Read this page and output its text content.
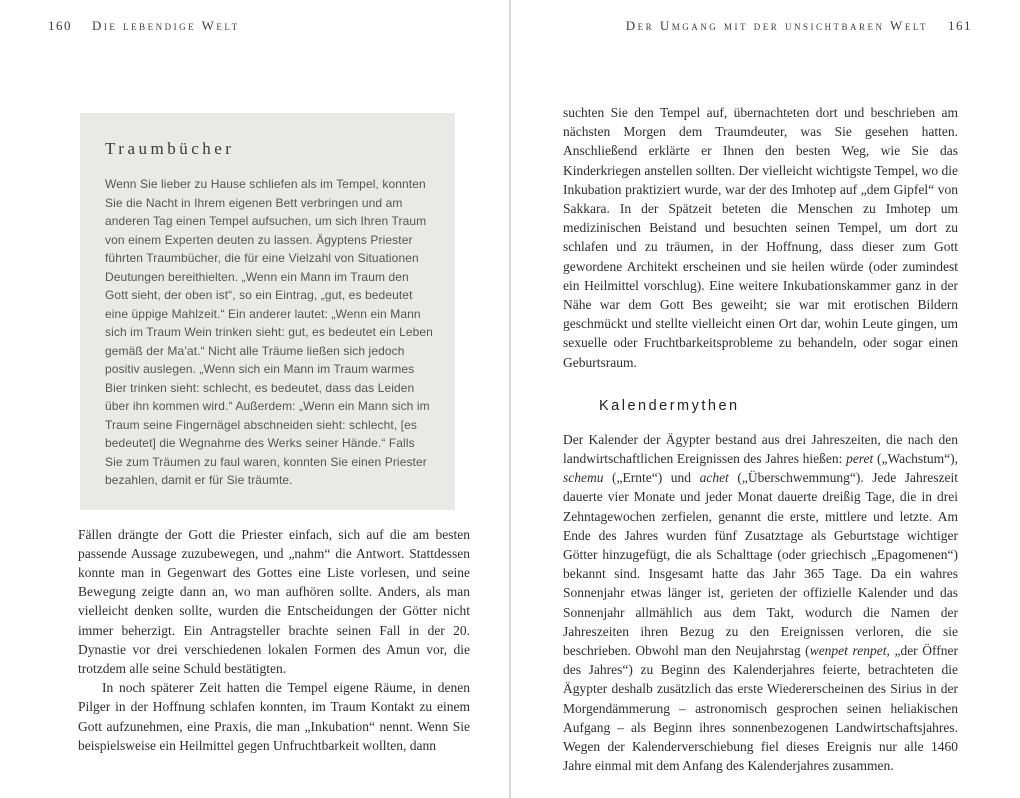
160 Die lebendige Welt
Traumbücher
Wenn Sie lieber zu Hause schliefen als im Tempel, konnten Sie die Nacht in Ihrem eigenen Bett verbringen und am anderen Tag einen Tempel aufsuchen, um sich Ihren Traum von einem Experten deuten zu lassen. Ägyptens Priester führten Traumbücher, die für eine Vielzahl von Situationen Deutungen bereithielten. „Wenn ein Mann im Traum den Gott sieht, der oben ist“, so ein Eintrag, „gut, es bedeutet eine üppige Mahlzeit.“ Ein anderer lautet: „Wenn ein Mann sich im Traum Wein trinken sieht: gut, es bedeutet ein Leben gemäß der Ma’at.“ Nicht alle Träume ließen sich jedoch positiv auslegen. „Wenn sich ein Mann im Traum warmes Bier trinken sieht: schlecht, es bedeutet, dass das Leiden über ihn kommen wird.“ Außerdem: „Wenn ein Mann sich im Traum seine Fingernägel abschneiden sieht: schlecht, [es bedeutet] die Wegnahme des Werks seiner Hände.“ Falls Sie zum Träumen zu faul waren, konnten Sie einen Priester bezahlen, damit er für Sie träumte.

Fällen drängte der Gott die Priester einfach, sich auf die am besten passende Aussage zuzubewegen, und „nahm“ die Antwort. Stattdessen konnte man in Gegenwart des Gottes eine Liste vorlesen, und seine Bewegung zeigte dann an, wo man aufhören sollte. Anders, als man vielleicht denken sollte, wurden die Entscheidungen der Götter nicht immer beherzigt. Ein Antragsteller brachte seinen Fall in der 20. Dynastie vor drei verschiedenen lokalen Formen des Amun vor, die trotzdem alle seine Schuld bestätigten.

In noch späterer Zeit hatten die Tempel eigene Räume, in denen Pilger in der Hoffnung schlafen konnten, im Traum Kontakt zu einem Gott aufzunehmen, eine Praxis, die man „Inkubation“ nennt. Wenn Sie beispielsweise ein Heilmittel gegen Unfruchtbarkeit wollten, dann

Der Umgang mit der unsichtbaren Welt 161

suchten Sie den Tempel auf, übernachteten dort und beschrieben am nächsten Morgen dem Traumdeuter, was Sie gesehen hatten. Anschließend erklärte er Ihnen den besten Weg, wie Sie das Kinderkriegen anstellen sollten. Der vielleicht wichtigste Tempel, wo die Inkubation praktiziert wurde, war der des Imhotep auf „dem Gipfel“ von Sakkara. In der Spätzeit beteten die Menschen zu Imhotep um medizinischen Beistand und besuchten seinen Tempel, um dort zu schlafen und zu träumen, in der Hoffnung, dass dieser zum Gott gewordene Architekt erscheinen und sie heilen würde (oder zumindest ein Heilmittel vorschlug). Eine weitere Inkubationskammer ganz in der Nähe war dem Gott Bes geweiht; sie war mit erotischen Bildern geschmückt und stellte vielleicht einen Ort dar, wohin Leute gingen, um sexuelle oder Fruchtbarkeitsprobleme zu behandeln, oder sogar einen Geburtsraum.

Kalendermythen

Der Kalender der Ägypter bestand aus drei Jahreszeiten, die nach den landwirtschaftlichen Ereignissen des Jahres hießen: peret („Wachstum“), schemu („Ernte“) und achet („Überschwemmung“). Jede Jahreszeit dauerte vier Monate und jeder Monat dauerte dreißig Tage, die in drei Zehntagewochen zerfielen, genannt die erste, mittlere und letzte. Am Ende des Jahres wurden fünf Zusatztage als Geburtstage wichtiger Götter hinzugefügt, die als Schalttage (oder griechisch „Epagomenen“) bekannt sind. Insgesamt hatte das Jahr 365 Tage. Da ein wahres Sonnenjahr etwas länger ist, gerieten der offizielle Kalender und das Sonnenjahr allmählich aus dem Takt, wodurch die Namen der Jahreszeiten ihren Bezug zu den Ereignissen verloren, die sie beschrieben. Obwohl man den Neujahrstag (wenpet renpet, „der Öffner des Jahres“) zu Beginn des Kalenderjahres feierte, betrachteten die Ägypter deshalb zusätzlich das erste Wiedererscheinen des Sirius in der Morgendämmerung – astronomisch gesprochen seinen heliakischen Aufgang – als Beginn ihres sonnenbezogenen Landwirtschaftsjahres. Wegen der Kalenderverschiebung fiel dieses Ereignis nur alle 1460 Jahre einmal mit dem Anfang des Kalenderjahres zusammen.
